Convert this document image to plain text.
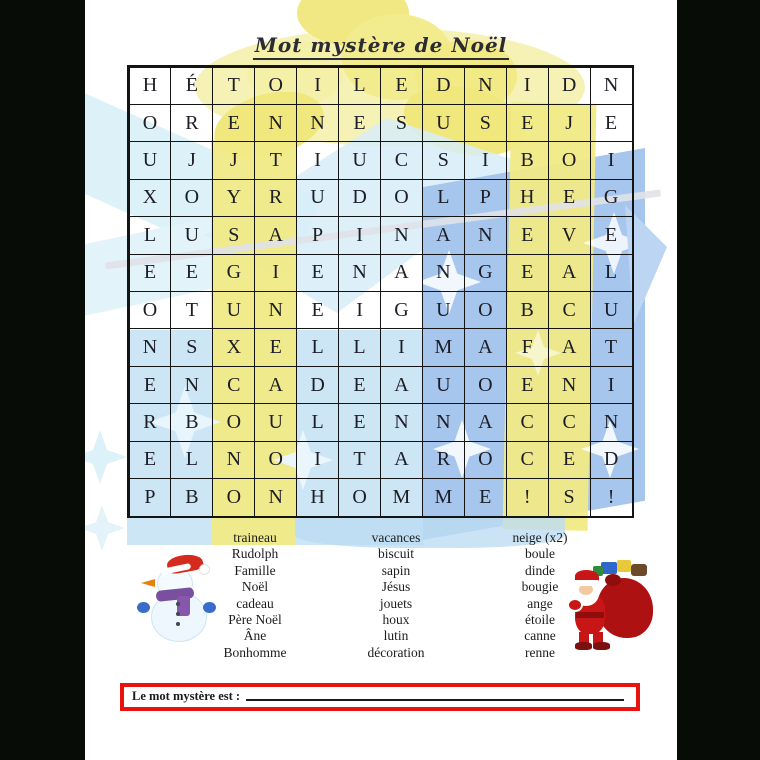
Mot mystère de Noël
H	É	T	O	I	L	E	D	N	I	D	N
O	R	E	N	N	E	S	U	S	E	J	E
U	J	J	T	I	U	C	S	I	B	O	I
X	O	Y	R	U	D	O	L	P	H	E	G
L	U	S	A	P	I	N	A	N	E	V	E
E	E	G	I	E	N	A	N	G	E	A	L
O	T	U	N	E	I	G	U	O	B	C	U
N	S	X	E	L	L	I	M	A	F	A	T
E	N	C	A	D	E	A	U	O	E	N	I
R	B	O	U	L	E	N	N	A	C	C	N
E	L	N	O	I	T	A	R	O	C	E	D
P	B	O	N	H	O	M	M	E	!	S	!
traineau
Rudolph
Famille
Noël
cadeau
Père Noël
Âne
Bonhomme
vacances
biscuit
sapin
Jésus
jouets
houx
lutin
décoration
neige (x2)
boule
dinde
bougie
ange
étoile
canne
renne
Le mot mystère est :
